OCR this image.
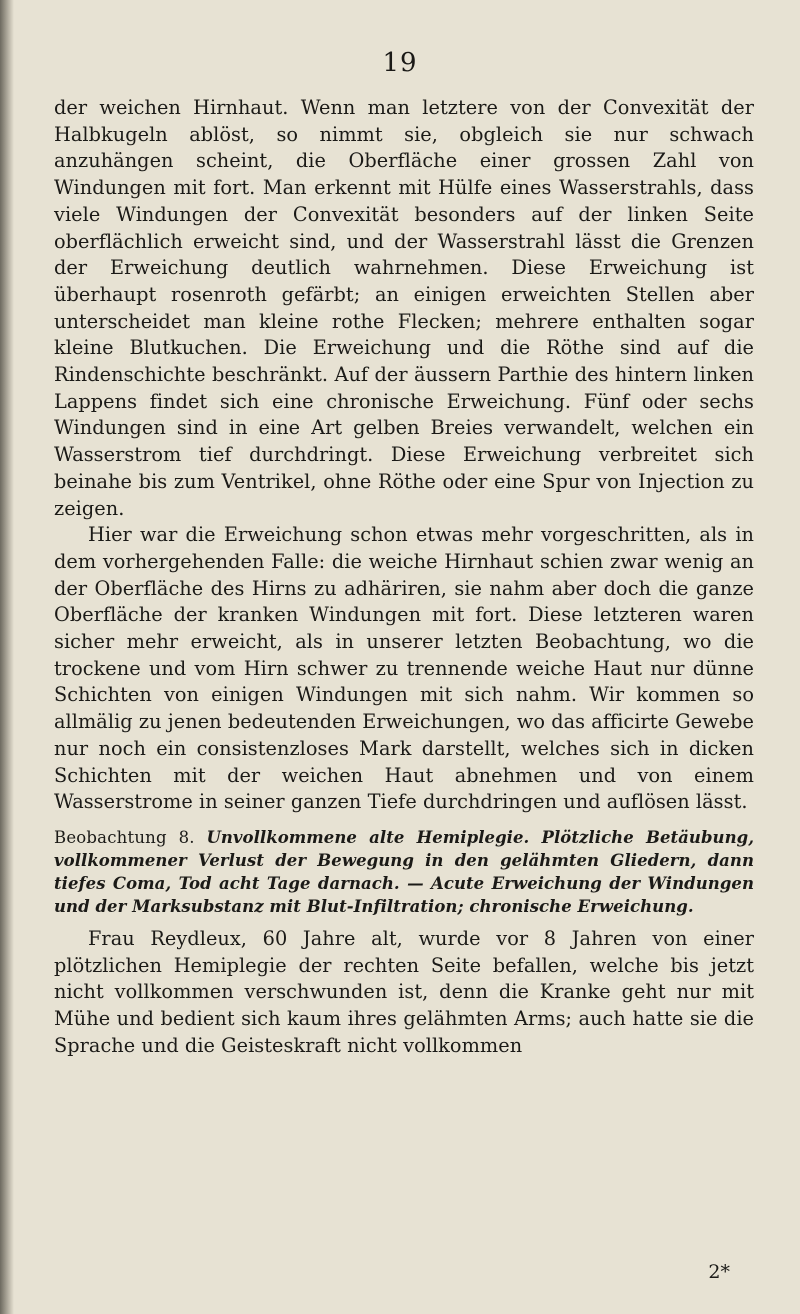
19

der weichen Hirnhaut. Wenn man letztere von der Convexität der Halbkugeln ablöst, so nimmt sie, obgleich sie nur schwach anzuhängen scheint, die Oberfläche einer grossen Zahl von Windungen mit fort. Man erkennt mit Hülfe eines Wasserstrahls, dass viele Windungen der Convexität besonders auf der linken Seite oberflächlich erweicht sind, und der Wasserstrahl lässt die Grenzen der Erweichung deutlich wahrnehmen. Diese Erweichung ist überhaupt rosenroth gefärbt; an einigen erweichten Stellen aber unterscheidet man kleine rothe Flecken; mehrere enthalten sogar kleine Blutkuchen. Die Erweichung und die Röthe sind auf die Rindenschichte beschränkt. Auf der äussern Parthie des hintern linken Lappens findet sich eine chronische Erweichung. Fünf oder sechs Windungen sind in eine Art gelben Breies verwandelt, welchen ein Wasserstrom tief durchdringt. Diese Erweichung verbreitet sich beinahe bis zum Ventrikel, ohne Röthe oder eine Spur von Injection zu zeigen.

Hier war die Erweichung schon etwas mehr vorgeschritten, als in dem vorhergehenden Falle: die weiche Hirnhaut schien zwar wenig an der Oberfläche des Hirns zu adhäriren, sie nahm aber doch die ganze Oberfläche der kranken Windungen mit fort. Diese letzteren waren sicher mehr erweicht, als in unserer letzten Beobachtung, wo die trockene und vom Hirn schwer zu trennende weiche Haut nur dünne Schichten von einigen Windungen mit sich nahm. Wir kommen so allmälig zu jenen bedeutenden Erweichungen, wo das afficirte Gewebe nur noch ein consistenzloses Mark darstellt, welches sich in dicken Schichten mit der weichen Haut abnehmen und von einem Wasserstrome in seiner ganzen Tiefe durchdringen und auflösen lässt.

Beobachtung 8. Unvollkommene alte Hemiplegie. Plötzliche Betäubung, vollkommener Verlust der Bewegung in den gelähmten Gliedern, dann tiefes Coma, Tod acht Tage darnach. — Acute Erweichung der Windungen und der Marksubstanz mit Blut-Infiltration; chronische Erweichung.

Frau Reydleux, 60 Jahre alt, wurde vor 8 Jahren von einer plötzlichen Hemiplegie der rechten Seite befallen, welche bis jetzt nicht vollkommen verschwunden ist, denn die Kranke geht nur mit Mühe und bedient sich kaum ihres gelähmten Arms; auch hatte sie die Sprache und die Geisteskraft nicht vollkommen

2*
